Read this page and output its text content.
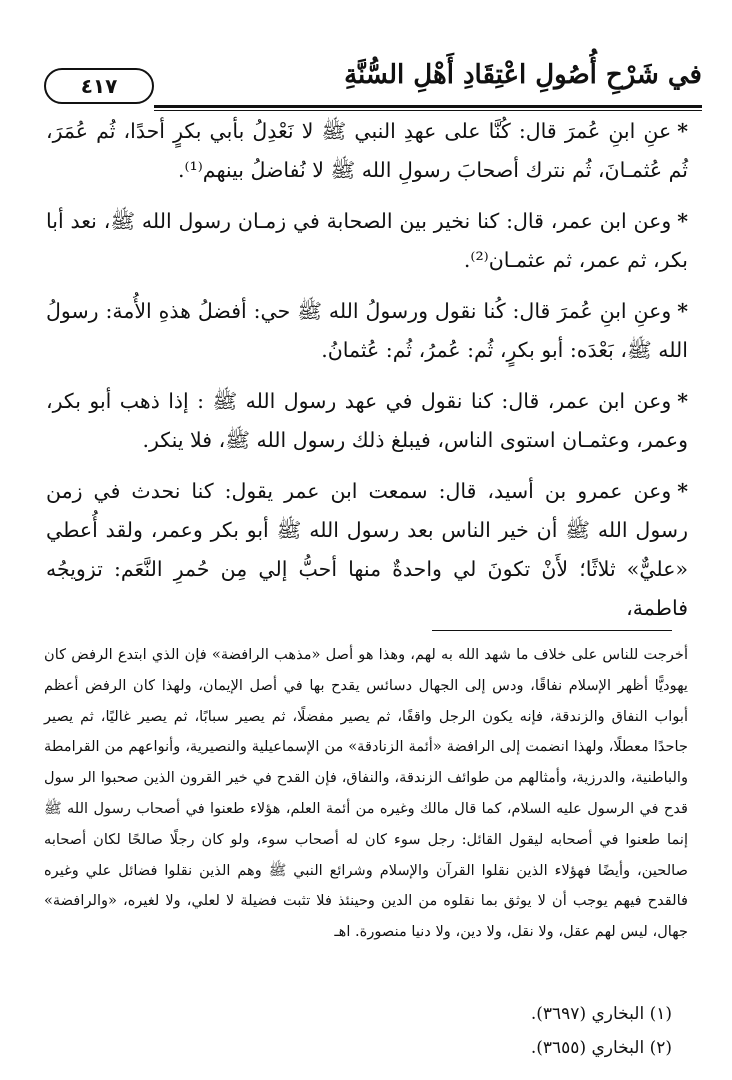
٤١٧	في شَرْحِ أُصُولِ اعْتِقَادِ أَهْلِ السُّنَّةِ

*عنِ ابنِ عُمرَ قال: كُنَّا على عهدِ النبي ﷺ لا نَعْدِلُ بأبي بكرٍ أحدًا، ثُم عُمَرَ، ثُم عُثمـانَ، ثُم نترك أصحابَ رسولِ الله ﷺ لا نُفاضلُ بينهم⁽¹⁾.

*وعن ابن عمر، قال: كنا نخير بين الصحابة في زمـان رسول الله ﷺ، نعد أبا بكر، ثم عمر، ثم عثمـان⁽²⁾.

*وعنِ ابنِ عُمرَ قال: كُنا نقول ورسولُ الله ﷺ حي: أفضلُ هذهِ الأُمة: رسولُ الله ﷺ، بَعْدَه: أبو بكرٍ، ثُم: عُمرُ، ثُم: عُثمانُ.

*وعن ابن عمر، قال: كنا نقول في عهد رسول الله ﷺ : إذا ذهب أبو بكر، وعمر، وعثمـان استوى الناس، فيبلغ ذلك رسول الله ﷺ، فلا ينكر.

*وعن عمرو بن أسيد، قال: سمعت ابن عمر يقول: كنا نحدث في زمن رسول الله ﷺ أن خير الناس بعد رسول الله ﷺ أبو بكر وعمر، ولقد أُعطي «عليٌّ» ثلاثًا؛ لأَنْ تكونَ لي واحدةٌ منها أحبُّ إلي مِن حُمرِ النَّعَم: تزويجُه فاطمة،

أخرجت للناس على خلاف ما شهد الله به لهم، وهذا هو أصل «مذهب الرافضة» فإن الذي ابتدع الرفض كان يهوديًّا أظهر الإسلام نفاقًا، ودس إلى الجهال دسائس يقدح بها في أصل الإيمان، ولهذا كان الرفض أعظم أبواب النفاق والزندقة، فإنه يكون الرجل واقفًا، ثم يصير مفضلًا، ثم يصير سبابًا، ثم يصير غاليًا، ثم يصير جاحدًا معطلًا، ولهذا انضمت إلى الرافضة «أئمة الزنادقة» من الإسماعيلية والنصيرية، وأنواعهم من القرامطة والباطنية، والدرزية، وأمثالهم من طوائف الزندقة، والنفاق، فإن القدح في خير القرون الذين صحبوا الر سول قدح في الرسول عليه السلام، كما قال مالك وغيره من أئمة العلم، هؤلاء طعنوا في أصحاب رسول الله ﷺ إنما طعنوا في أصحابه ليقول القائل: رجل سوء كان له أصحاب سوء، ولو كان رجلًا صالحًا لكان أصحابه صالحين، وأيضًا فهؤلاء الذين نقلوا القرآن والإسلام وشرائع النبي ﷺ وهم الذين نقلوا فضائل علي وغيره فالقدح فيهم يوجب أن لا يوثق بما نقلوه من الدين وحينئذ فلا تثبت فضيلة لا لعلي، ولا لغيره، «والرافضة» جهال، ليس لهم عقل، ولا نقل، ولا دين، ولا دنيا منصورة. اهـ
(١) البخاري (٣٦٩٧).
(٢) البخاري (٣٦٥٥).
